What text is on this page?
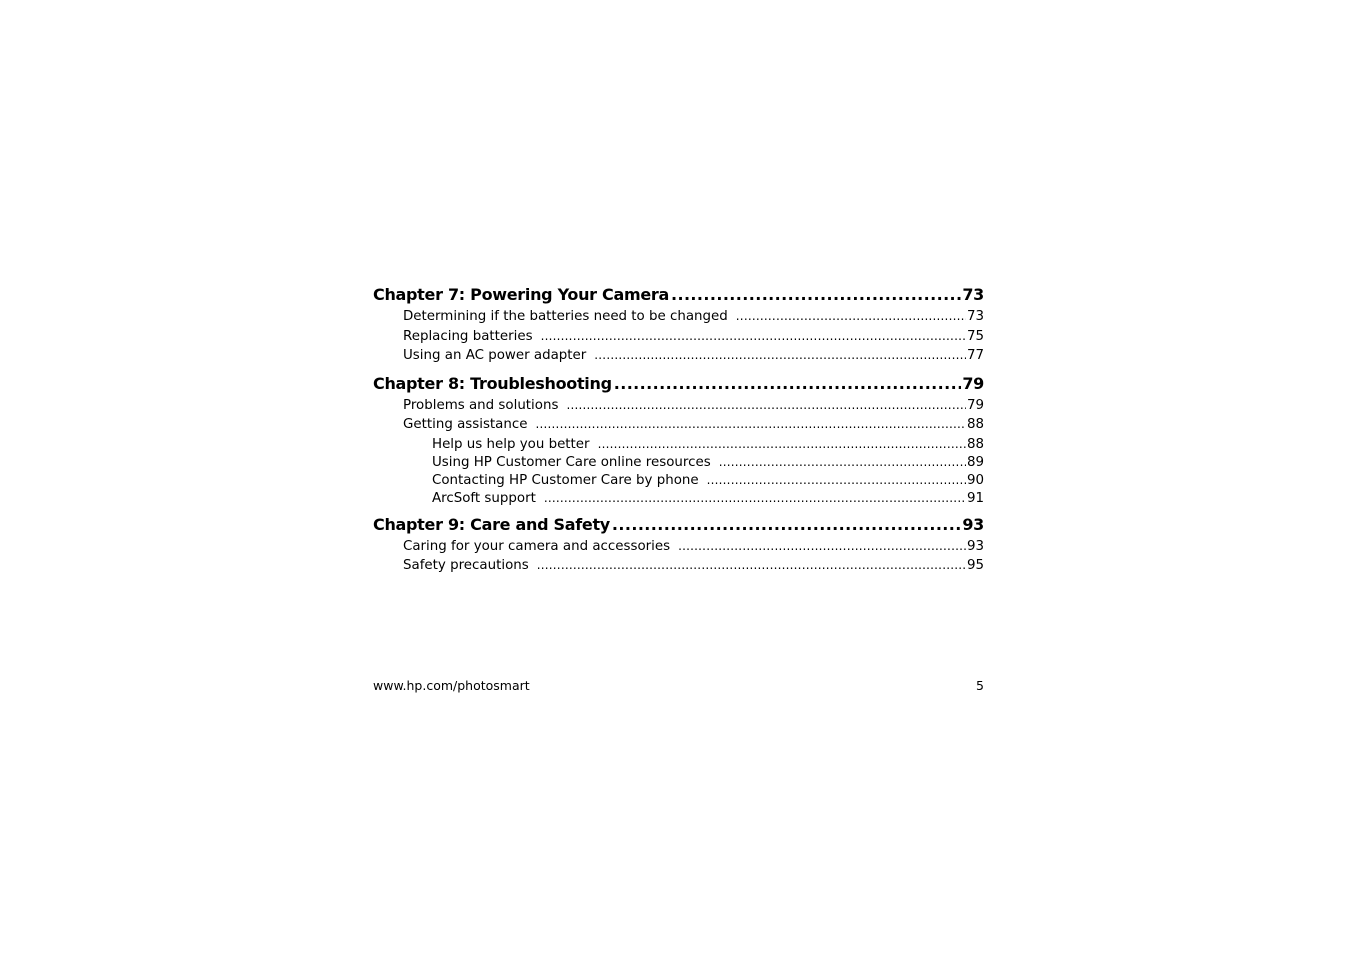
Chapter 7: Powering Your Camera .....	73
Determining if the batteries need to be changed .....	73
Replacing batteries .....	75
Using an AC power adapter .....	77
Chapter 8: Troubleshooting .....	79
Problems and solutions .....	79
Getting assistance .....	88
Help us help you better .....	88
Using HP Customer Care online resources .....	89
Contacting HP Customer Care by phone .....	90
ArcSoft support .....	91
Chapter 9: Care and Safety .....	93
Caring for your camera and accessories .....	93
Safety precautions .....	95
www.hp.com/photosmart	5
